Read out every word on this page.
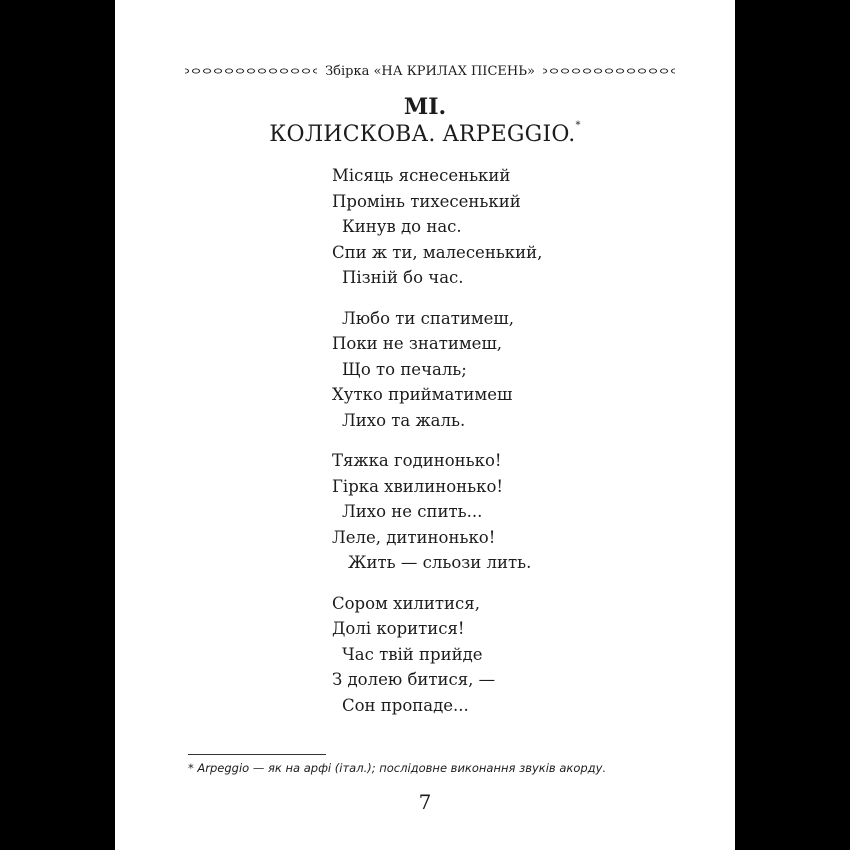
Збірка «НА КРИЛАХ ПІСЕНЬ»
MI.
КОЛИСКОВА. ARPEGGIO.*
Місяць яснесенький
Промінь тихесенький
Кинув до нас.
Спи ж ти, малесенький,
Пізній бо час.
Любо ти спатимеш,
Поки не знатимеш,
Що то печаль;
Хутко прийматимеш
Лихо та жаль.
Тяжка годинонько!
Гірка хвилинонько!
Лихо не спить...
Леле, дитинонько!
Жить — сльози лить.
Сором хилитися,
Долі коритися!
Час твій прийде
З долею битися, —
Сон пропаде...
* Arpeggio — як на арфі (італ.); послідовне виконання звуків акорду.
7
